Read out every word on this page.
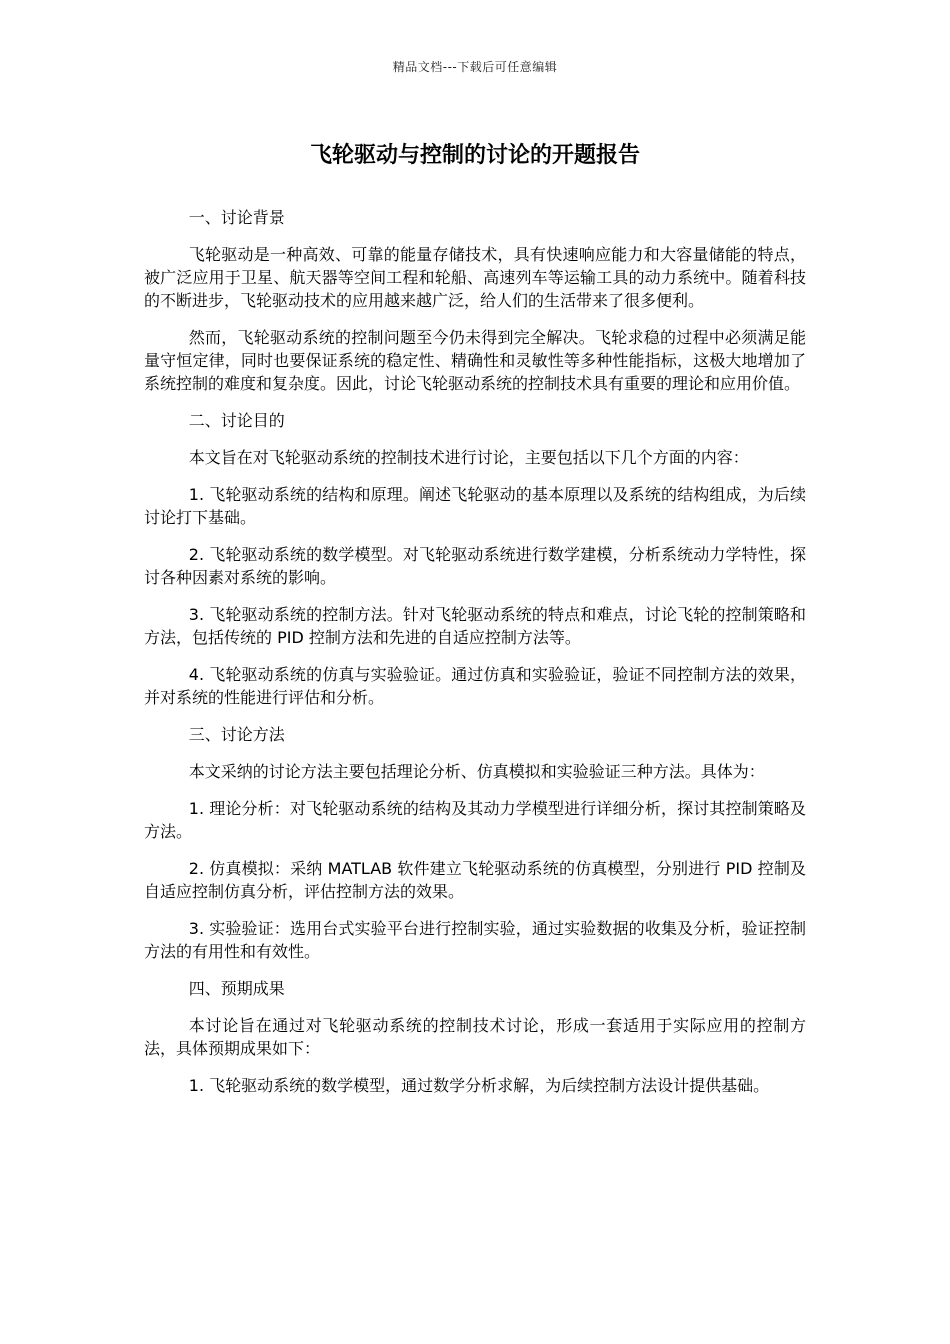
精品文档---下载后可任意编辑
飞轮驱动与控制的讨论的开题报告

一、讨论背景

飞轮驱动是一种高效、可靠的能量存储技术，具有快速响应能力和大容量储能的特点，被广泛应用于卫星、航天器等空间工程和轮船、高速列车等运输工具的动力系统中。随着科技的不断进步，飞轮驱动技术的应用越来越广泛，给人们的生活带来了很多便利。

然而，飞轮驱动系统的控制问题至今仍未得到完全解决。飞轮求稳的过程中必须满足能量守恒定律，同时也要保证系统的稳定性、精确性和灵敏性等多种性能指标，这极大地增加了系统控制的难度和复杂度。因此，讨论飞轮驱动系统的控制技术具有重要的理论和应用价值。

二、讨论目的

本文旨在对飞轮驱动系统的控制技术进行讨论，主要包括以下几个方面的内容：

1. 飞轮驱动系统的结构和原理。阐述飞轮驱动的基本原理以及系统的结构组成，为后续讨论打下基础。

2. 飞轮驱动系统的数学模型。对飞轮驱动系统进行数学建模，分析系统动力学特性，探讨各种因素对系统的影响。

3. 飞轮驱动系统的控制方法。针对飞轮驱动系统的特点和难点，讨论飞轮的控制策略和方法，包括传统的 PID 控制方法和先进的自适应控制方法等。

4. 飞轮驱动系统的仿真与实验验证。通过仿真和实验验证，验证不同控制方法的效果，并对系统的性能进行评估和分析。

三、讨论方法

本文采纳的讨论方法主要包括理论分析、仿真模拟和实验验证三种方法。具体为：

1. 理论分析：对飞轮驱动系统的结构及其动力学模型进行详细分析，探讨其控制策略及方法。

2. 仿真模拟：采纳 MATLAB 软件建立飞轮驱动系统的仿真模型，分别进行 PID 控制及自适应控制仿真分析，评估控制方法的效果。

3. 实验验证：选用台式实验平台进行控制实验，通过实验数据的收集及分析，验证控制方法的有用性和有效性。

四、预期成果

本讨论旨在通过对飞轮驱动系统的控制技术讨论，形成一套适用于实际应用的控制方法，具体预期成果如下：

1. 飞轮驱动系统的数学模型，通过数学分析求解，为后续控制方法设计提供基础。
